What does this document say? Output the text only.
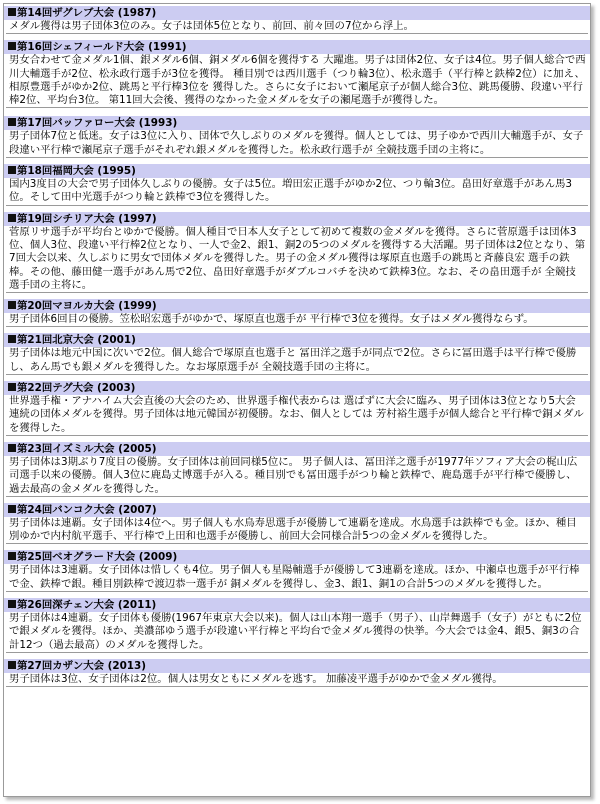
第14回ザグレブ大会 (1987)
メダル獲得は男子団体3位のみ。女子は団体5位となり、前回、前々回の7位から浮上。
第16回シェフィールド大会 (1991)
男女合わせて金メダル1個、銀メダル6個、銅メダル6個を獲得する 大躍進。男子は団体2位、女子は4位。男子個人総合で西川大輔選手が2位、松永政行選手が3位を獲得。 種目別では西川選手（つり輪3位）、松永選手（平行棒と鉄棒2位）に加え、相原豊選手がゆか2位、跳馬と平行棒3位を 獲得した。さらに女子において瀬尾京子が個人総合3位、跳馬優勝、段違い平行棒2位、平均台3位。 第11回大会後、獲得のなかった金メダルを女子の瀬尾選手が獲得した。
第17回バッファロー大会 (1993)
男子団体7位と低迷。女子は3位に入り、団体で久しぶりのメダルを獲得。個人としては、男子ゆかで西川大輔選手が、女子段違い平行棒で瀬尾京子選手がそれぞれ銀メダルを獲得した。松永政行選手が 全競技選手団の主将に。
第18回福岡大会 (1995)
国内3度目の大会で男子団体久しぶりの優勝。女子は5位。増田宏正選手がゆか2位、つり輪3位。畠田好章選手があん馬3位。そして田中光選手がつり輪と鉄棒で3位を獲得した。
第19回シチリア大会 (1997)
菅原リサ選手が平均台とゆかで優勝。個人種目で日本人女子として初めて複数の金メダルを獲得。さらに菅原選手は団体3位、個人3位、段違い平行棒2位となり、一人で金2、銀1、銅2の5つのメダルを獲得する大活躍。男子団体は2位となり、第7回大会以来、久しぶりに男女で団体メダルを獲得した。男子の金メダル獲得は塚原直也選手の跳馬と斉藤良宏 選手の鉄棒。その他、藤田健一選手があん馬で2位、畠田好章選手がダブルコバチを決めて鉄棒3位。なお、その畠田選手が 全競技選手団の主将に。
第20回マヨルカ大会 (1999)
男子団体6回目の優勝。笠松昭宏選手がゆかで、塚原直也選手が 平行棒で3位を獲得。女子はメダル獲得ならず。
第21回北京大会 (2001)
男子団体は地元中国に次いで2位。個人総合で塚原直也選手と 冨田洋之選手が同点で2位。さらに冨田選手は平行棒で優勝し、あん馬でも銀メダルを獲得した。なお塚原選手が 全競技選手団の主将に。
第22回テグ大会 (2003)
世界選手権・アナハイム大会直後の大会のため、世界選手権代表からは 選ばずに大会に臨み、男子団体は3位となり5大会連続の団体メダルを獲得。男子団体は地元韓国が初優勝。なお、個人としては 芳村裕生選手が個人総合と平行棒で銅メダルを獲得した。
第23回イズミル大会 (2005)
男子団体は3期ぶり7度目の優勝。女子団体は前回同様5位に。 男子個人は、冨田洋之選手が1977年ソフィア大会の梶山広司選手以来の優勝。個人3位に鹿島丈博選手が入る。種目別でも冨田選手がつり輪と鉄棒で、鹿島選手が平行棒で優勝し、過去最高の金メダルを獲得した。
第24回バンコク大会 (2007)
男子団体は連覇。女子団体は4位へ。男子個人も水鳥寿思選手が優勝して連覇を達成。水鳥選手は鉄棒でも金。ほか、種目別ゆかで内村航平選手、平行棒で上田和也選手が優勝し、前回大会同様合計5つの金メダルを獲得した。
第25回ベオグラード大会 (2009)
男子団体は3連覇。女子団体は惜しくも4位。男子個人も星陽輔選手が優勝して3連覇を達成。ほか、中瀬卓也選手が平行棒で金、鉄棒で銀。種目別鉄棒で渡辺恭一選手が 銅メダルを獲得し、金3、銀1、銅1の合計5つのメダルを獲得した。
第26回深チェン大会 (2011)
男子団体は4連覇。女子団体も優勝(1967年東京大会以来)。個人は山本翔一選手（男子）、山岸舞選手（女子）がともに2位で銀メダルを獲得。ほか、美濃部ゆう選手が段違い平行棒と平均台で金メダル獲得の快挙。今大会では金4、銀5、銅3の合計12つ（過去最高）のメダルを獲得した。
第27回カザン大会 (2013)
男子団体は3位、女子団体は2位。個人は男女ともにメダルを逃す。 加藤凌平選手がゆかで金メダル獲得。
